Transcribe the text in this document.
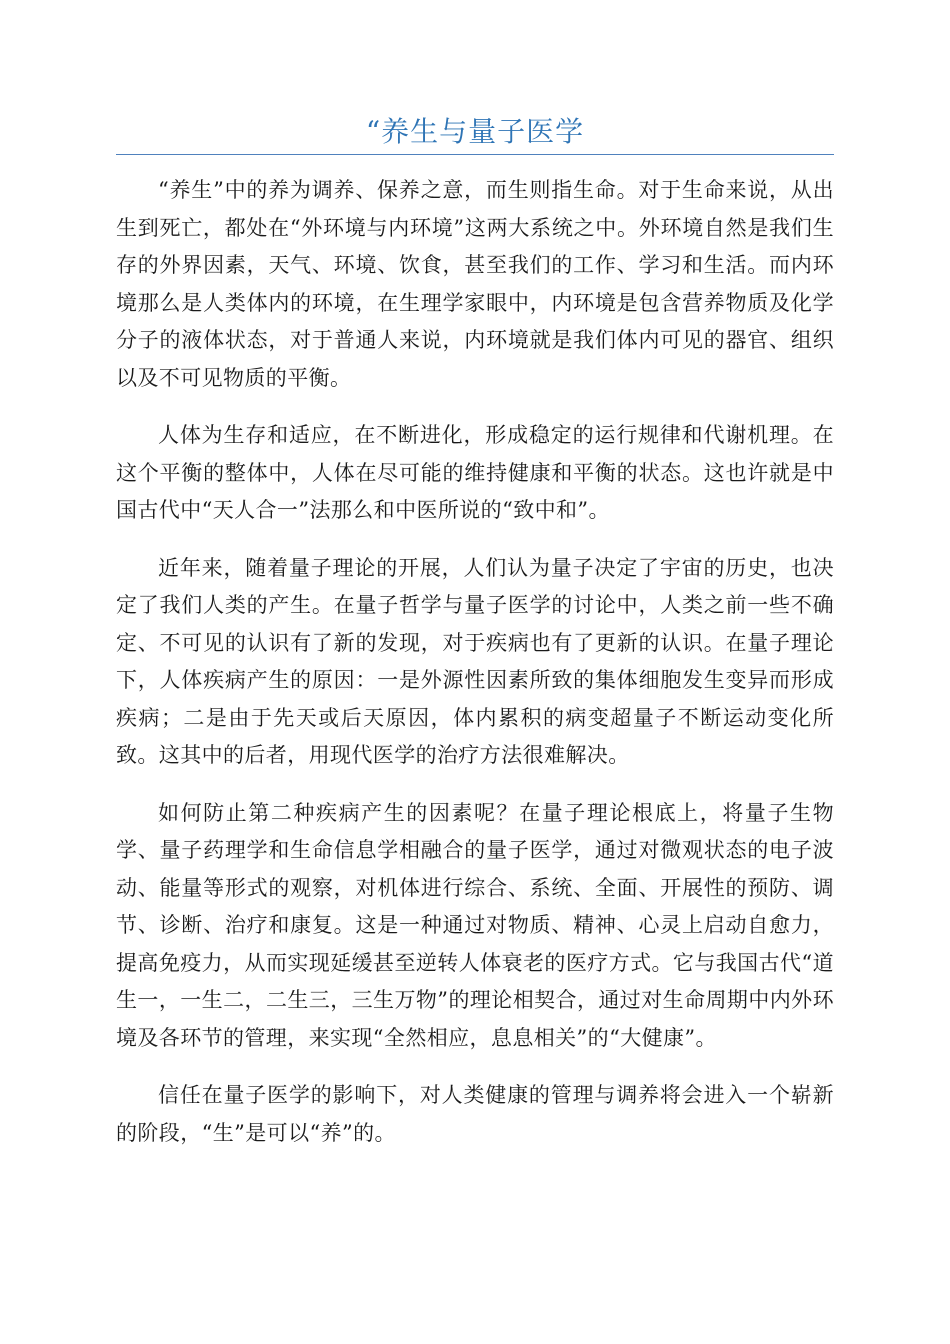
“养生与量子医学

“养生”中的养为调养、保养之意，而生则指生命。对于生命来说，从出生到死亡，都处在“外环境与内环境”这两大系统之中。外环境自然是我们生存的外界因素，天气、环境、饮食，甚至我们的工作、学习和生活。而内环境那么是人类体内的环境，在生理学家眼中，内环境是包含营养物质及化学分子的液体状态，对于普通人来说，内环境就是我们体内可见的器官、组织以及不可见物质的平衡。

人体为生存和适应，在不断进化，形成稳定的运行规律和代谢机理。在这个平衡的整体中，人体在尽可能的维持健康和平衡的状态。这也许就是中国古代中“天人合一”法那么和中医所说的“致中和”。

近年来，随着量子理论的开展，人们认为量子决定了宇宙的历史，也决定了我们人类的产生。在量子哲学与量子医学的讨论中，人类之前一些不确定、不可见的认识有了新的发现，对于疾病也有了更新的认识。在量子理论下，人体疾病产生的原因：一是外源性因素所致的集体细胞发生变异而形成疾病；二是由于先天或后天原因，体内累积的病变超量子不断运动变化所致。这其中的后者，用现代医学的治疗方法很难解决。

如何防止第二种疾病产生的因素呢？在量子理论根底上，将量子生物学、量子药理学和生命信息学相融合的量子医学，通过对微观状态的电子波动、能量等形式的观察，对机体进行综合、系统、全面、开展性的预防、调节、诊断、治疗和康复。这是一种通过对物质、精神、心灵上启动自愈力，提高免疫力，从而实现延缓甚至逆转人体衰老的医疗方式。它与我国古代“道生一，一生二，二生三，三生万物”的理论相契合，通过对生命周期中内外环境及各环节的管理，来实现“全然相应，息息相关”的“大健康”。

信任在量子医学的影响下，对人类健康的管理与调养将会进入一个崭新的阶段，“生”是可以“养”的。
